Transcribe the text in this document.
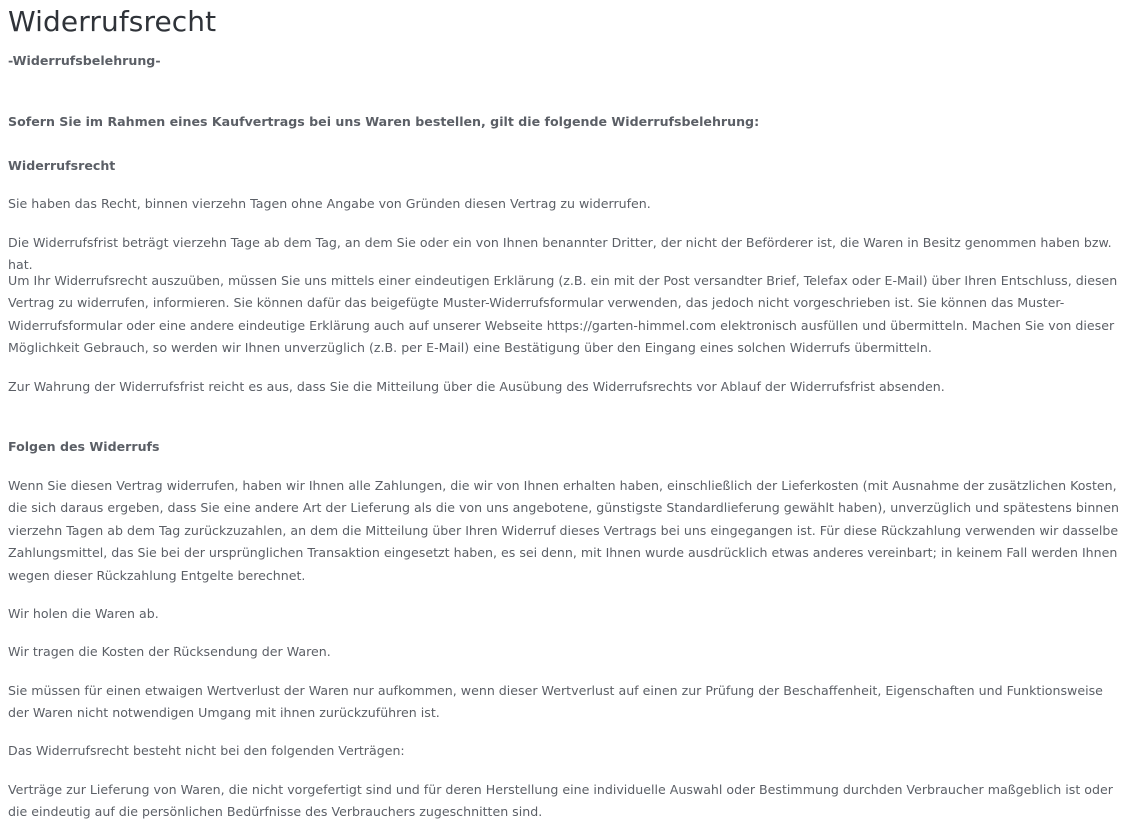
Widerrufsrecht
-Widerrufsbelehrung-

Sofern Sie im Rahmen eines Kaufvertrags bei uns Waren bestellen, gilt die folgende Widerrufsbelehrung:

Widerrufsrecht

Sie haben das Recht, binnen vierzehn Tagen ohne Angabe von Gründen diesen Vertrag zu widerrufen.

Die Widerrufsfrist beträgt vierzehn Tage ab dem Tag, an dem Sie oder ein von Ihnen benannter Dritter, der nicht der Beförderer ist, die Waren in Besitz genommen haben bzw. hat.

Um Ihr Widerrufsrecht auszuüben, müssen Sie uns mittels einer eindeutigen Erklärung (z.B. ein mit der Post versandter Brief, Telefax oder E-Mail) über Ihren Entschluss, diesen Vertrag zu widerrufen, informieren. Sie können dafür das beigefügte Muster-Widerrufsformular verwenden, das jedoch nicht vorgeschrieben ist. Sie können das Muster-Widerrufsformular oder eine andere eindeutige Erklärung auch auf unserer Webseite https://garten-himmel.com elektronisch ausfüllen und übermitteln. Machen Sie von dieser Möglichkeit Gebrauch, so werden wir Ihnen unverzüglich (z.B. per E-Mail) eine Bestätigung über den Eingang eines solchen Widerrufs übermitteln.

Zur Wahrung der Widerrufsfrist reicht es aus, dass Sie die Mitteilung über die Ausübung des Widerrufsrechts vor Ablauf der Widerrufsfrist absenden.

Folgen des Widerrufs

Wenn Sie diesen Vertrag widerrufen, haben wir Ihnen alle Zahlungen, die wir von Ihnen erhalten haben, einschließlich der Lieferkosten (mit Ausnahme der zusätzlichen Kosten, die sich daraus ergeben, dass Sie eine andere Art der Lieferung als die von uns angebotene, günstigste Standardlieferung gewählt haben), unverzüglich und spätestens binnen vierzehn Tagen ab dem Tag zurückzuzahlen, an dem die Mitteilung über Ihren Widerruf dieses Vertrags bei uns eingegangen ist. Für diese Rückzahlung verwenden wir dasselbe Zahlungsmittel, das Sie bei der ursprünglichen Transaktion eingesetzt haben, es sei denn, mit Ihnen wurde ausdrücklich etwas anderes vereinbart; in keinem Fall werden Ihnen wegen dieser Rückzahlung Entgelte berechnet.

Wir holen die Waren ab.

Wir tragen die Kosten der Rücksendung der Waren.

Sie müssen für einen etwaigen Wertverlust der Waren nur aufkommen, wenn dieser Wertverlust auf einen zur Prüfung der Beschaffenheit, Eigenschaften und Funktionsweise der Waren nicht notwendigen Umgang mit ihnen zurückzuführen ist.

Das Widerrufsrecht besteht nicht bei den folgenden Verträgen:

Verträge zur Lieferung von Waren, die nicht vorgefertigt sind und für deren Herstellung eine individuelle Auswahl oder Bestimmung durchden Verbraucher maßgeblich ist oder die eindeutig auf die persönlichen Bedürfnisse des Verbrauchers zugeschnitten sind.
